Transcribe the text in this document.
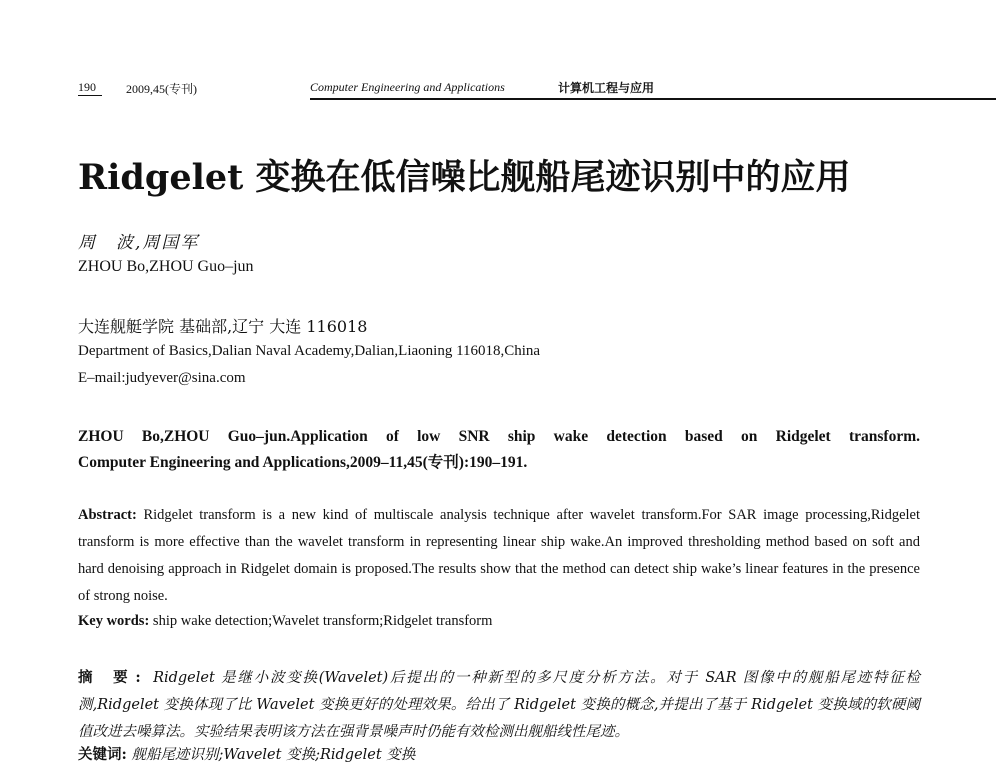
190	2009,45(专刊)	Computer Engineering and Applications	计算机工程与应用
Ridgelet 变换在低信噪比舰船尾迹识别中的应用
周　波,周国军
ZHOU Bo,ZHOU Guo–jun
大连舰艇学院 基础部,辽宁 大连 116018
Department of Basics,Dalian Naval Academy,Dalian,Liaoning 116018,China
E–mail:judyever@sina.com
ZHOU Bo,ZHOU Guo–jun.Application of low SNR ship wake detection based on Ridgelet transform.
Computer Engineering and Applications,2009–11,45(专刊):190–191.
Abstract: Ridgelet transform is a new kind of multiscale analysis technique after wavelet transform.For SAR image processing,Ridgelet transform is more effective than the wavelet transform in representing linear ship wake.An improved thresholding method based on soft and hard denoising approach in Ridgelet domain is proposed.The results show that the method can detect ship wake’s linear features in the presence of strong noise.
Key words: ship wake detection;Wavelet transform;Ridgelet transform
摘 要: Ridgelet 是继小波变换(Wavelet)后提出的一种新型的多尺度分析方法。对于 SAR 图像中的舰船尾迹特征检测,Ridgelet 变换体现了比 Wavelet 变换更好的处理效果。给出了 Ridgelet 变换的概念,并提出了基于 Ridgelet 变换域的软硬阈值改进去噪算法。实验结果表明该方法在强背景噪声时仍能有效检测出舰船线性尾迹。
关键词: 舰船尾迹识别;Wavelet 变换;Ridgelet 变换
